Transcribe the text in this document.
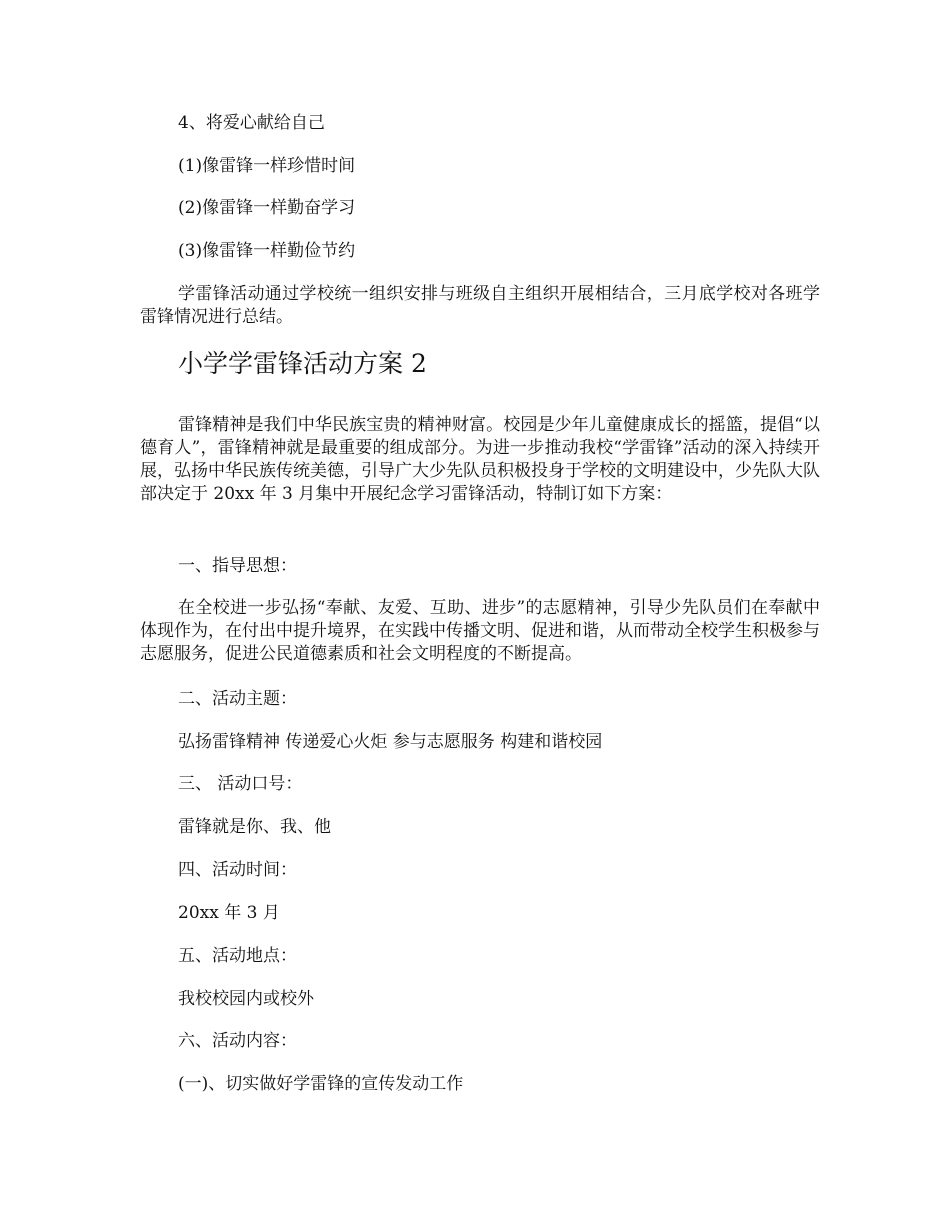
4、将爱心献给自己
(1)像雷锋一样珍惜时间
(2)像雷锋一样勤奋学习
(3)像雷锋一样勤俭节约
学雷锋活动通过学校统一组织安排与班级自主组织开展相结合，三月底学校对各班学雷锋情况进行总结。
小学学雷锋活动方案 2
雷锋精神是我们中华民族宝贵的精神财富。校园是少年儿童健康成长的摇篮，提倡“以德育人”，雷锋精神就是最重要的组成部分。为进一步推动我校“学雷锋”活动的深入持续开展，弘扬中华民族传统美德，引导广大少先队员积极投身于学校的文明建设中，少先队大队部决定于 20xx 年 3 月集中开展纪念学习雷锋活动，特制订如下方案：
一、指导思想：
在全校进一步弘扬“奉献、友爱、互助、进步”的志愿精神，引导少先队员们在奉献中体现作为，在付出中提升境界，在实践中传播文明、促进和谐，从而带动全校学生积极参与志愿服务，促进公民道德素质和社会文明程度的不断提高。
二、活动主题：
弘扬雷锋精神 传递爱心火炬 参与志愿服务 构建和谐校园
三、 活动口号：
雷锋就是你、我、他
四、活动时间：
20xx 年 3 月
五、活动地点：
我校校园内或校外
六、活动内容：
(一)、切实做好学雷锋的宣传发动工作
